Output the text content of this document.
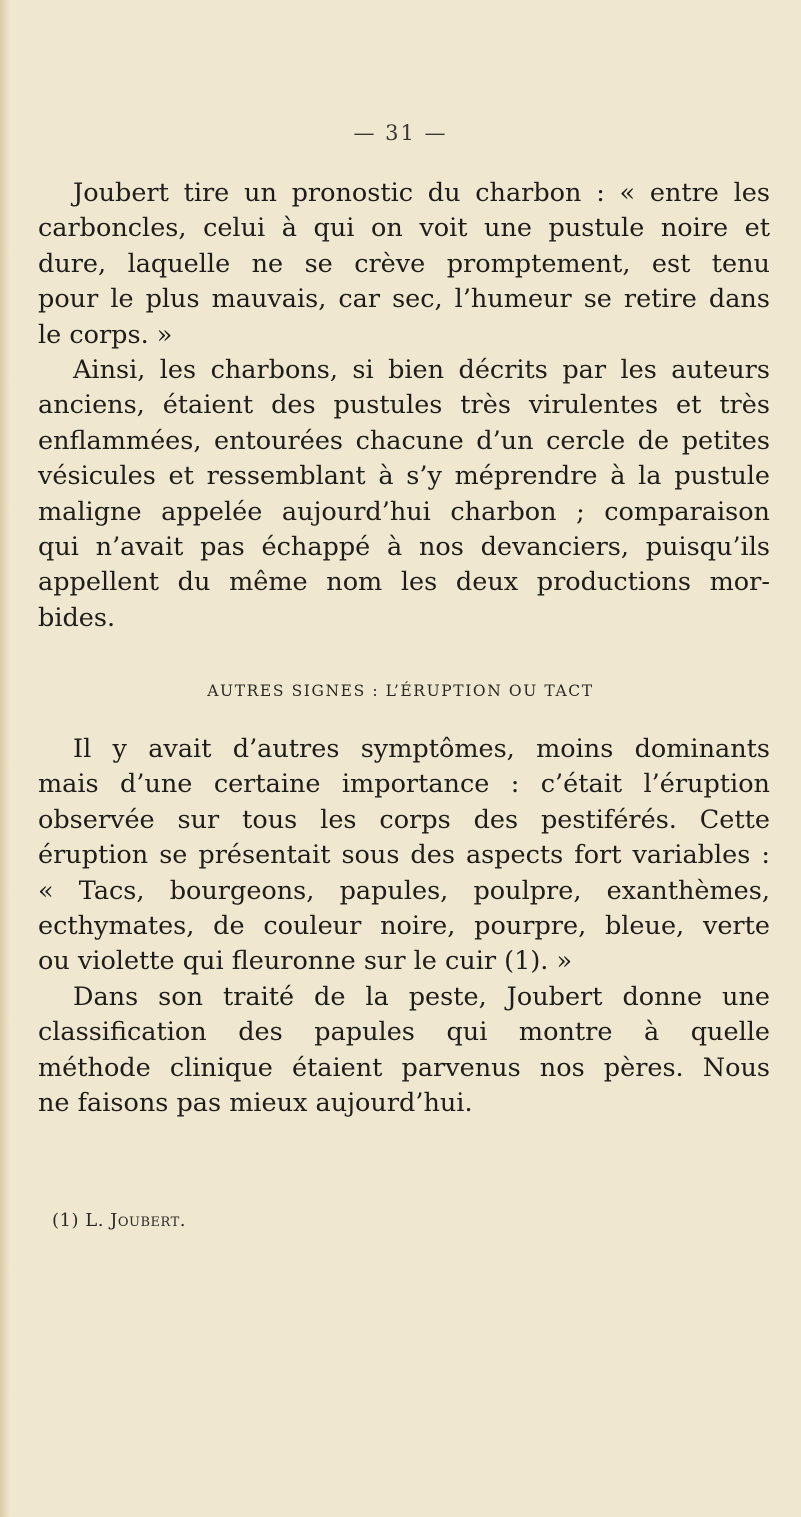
— 31 —
Joubert tire un pronostic du charbon : « entre les
carboncles, celui à qui on voit une pustule noire et
dure, laquelle ne se crève promptement, est tenu
pour le plus mauvais, car sec, l’humeur se retire dans
le corps. »
Ainsi, les charbons, si bien décrits par les auteurs
anciens, étaient des pustules très virulentes et très
enflammées, entourées chacune d’un cercle de petites
vésicules et ressemblant à s’y méprendre à la pustule
maligne appelée aujourd’hui charbon ; comparaison
qui n’avait pas échappé à nos devanciers, puisqu’ils
appellent du même nom les deux productions mor-
bides.
AUTRES SIGNES : L’ÉRUPTION OU TACT
Il y avait d’autres symptômes, moins dominants
mais d’une certaine importance : c’était l’éruption
observée sur tous les corps des pestiférés. Cette
éruption se présentait sous des aspects fort variables :
« Tacs, bourgeons, papules, poulpre, exanthèmes,
ecthymates, de couleur noire, pourpre, bleue, verte
ou violette qui fleuronne sur le cuir (1). »
Dans son traité de la peste, Joubert donne une
classification des papules qui montre à quelle
méthode clinique étaient parvenus nos pères. Nous
ne faisons pas mieux aujourd’hui.
(1) L. Joubert.
